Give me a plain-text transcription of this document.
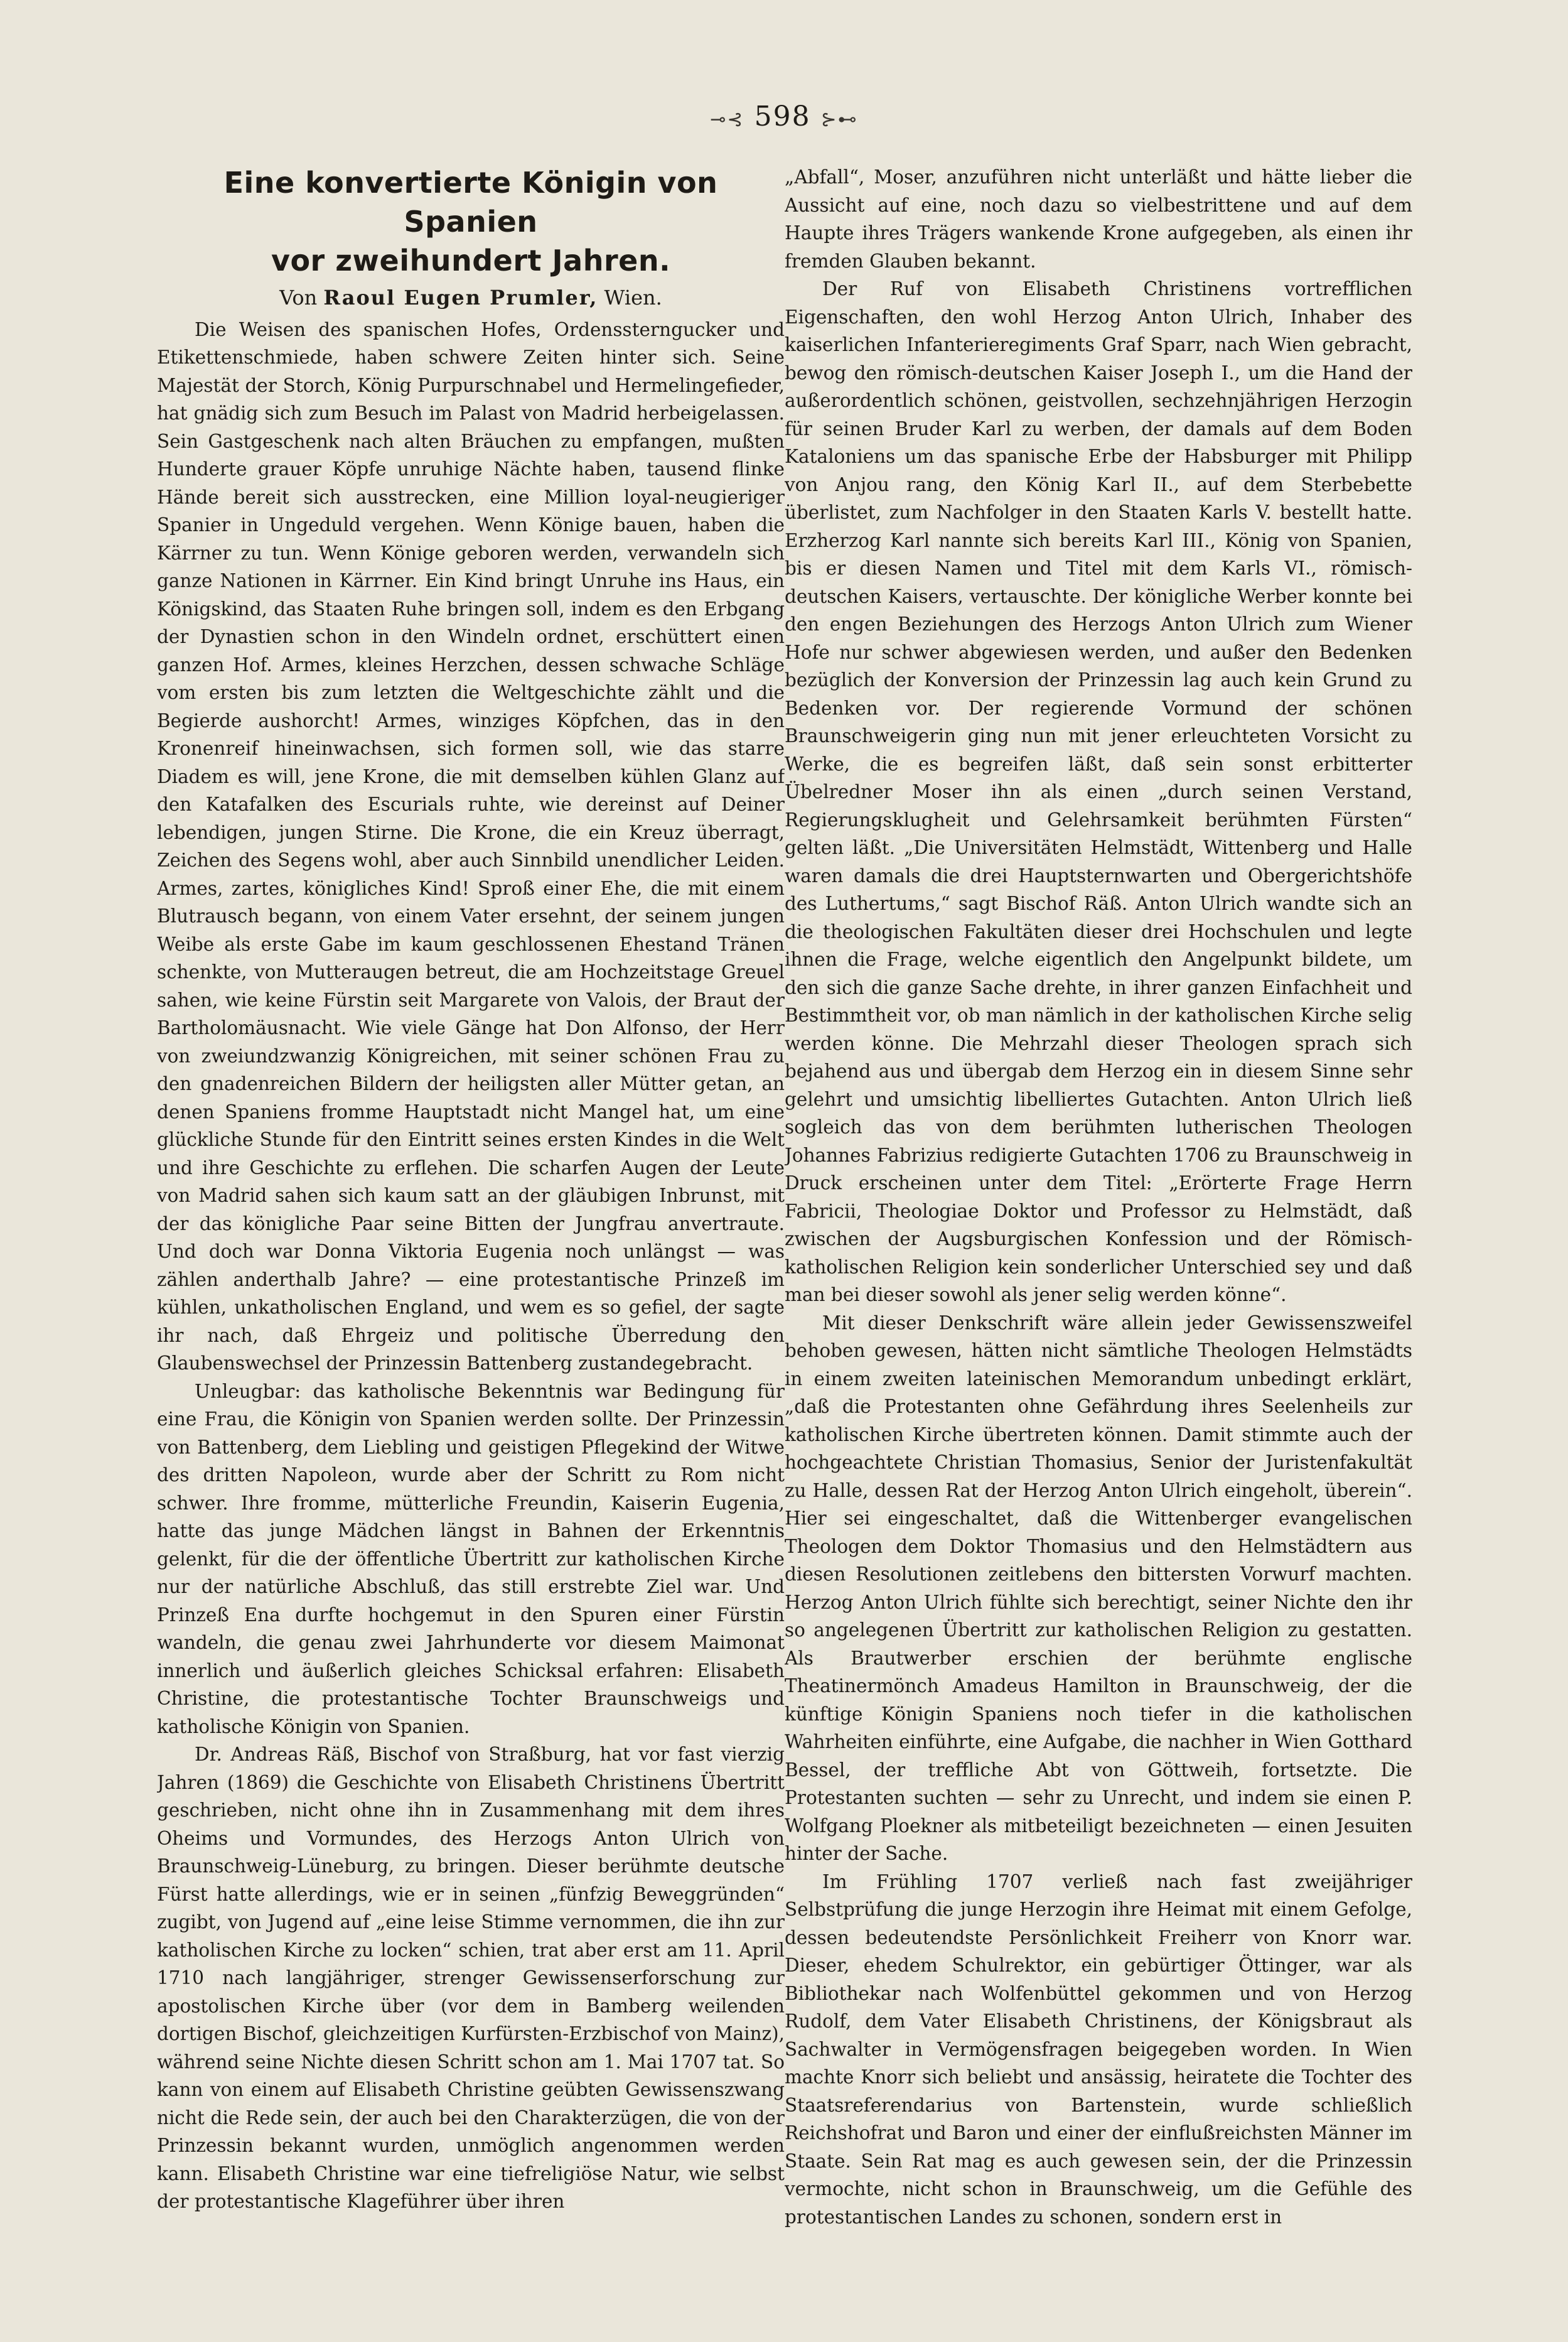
⊸⊰ 598 ⊱⊷
Eine konvertierte Königin von Spanien
vor zweihundert Jahren.
Von Raoul Eugen Prumler, Wien.

Die Weisen des spanischen Hofes, Ordenssterngucker und Etikettenschmiede, haben schwere Zeiten hinter sich. Seine Majestät der Storch, König Purpurschnabel und Hermelingefieder, hat gnädig sich zum Besuch im Palast von Madrid herbeigelassen. Sein Gastgeschenk nach alten Bräuchen zu empfangen, mußten Hunderte grauer Köpfe unruhige Nächte haben, tausend flinke Hände bereit sich ausstrecken, eine Million loyal-neugieriger Spanier in Ungeduld vergehen. Wenn Könige bauen, haben die Kärrner zu tun. Wenn Könige geboren werden, verwandeln sich ganze Nationen in Kärrner. Ein Kind bringt Unruhe ins Haus, ein Königskind, das Staaten Ruhe bringen soll, indem es den Erbgang der Dynastien schon in den Windeln ordnet, erschüttert einen ganzen Hof. Armes, kleines Herzchen, dessen schwache Schläge vom ersten bis zum letzten die Weltgeschichte zählt und die Begierde aushorcht! Armes, winziges Köpfchen, das in den Kronenreif hineinwachsen, sich formen soll, wie das starre Diadem es will, jene Krone, die mit demselben kühlen Glanz auf den Katafalken des Escurials ruhte, wie dereinst auf Deiner lebendigen, jungen Stirne. Die Krone, die ein Kreuz überragt, Zeichen des Segens wohl, aber auch Sinnbild unendlicher Leiden. Armes, zartes, königliches Kind! Sproß einer Ehe, die mit einem Blutrausch begann, von einem Vater ersehnt, der seinem jungen Weibe als erste Gabe im kaum geschlossenen Ehestand Tränen schenkte, von Mutteraugen betreut, die am Hochzeitstage Greuel sahen, wie keine Fürstin seit Margarete von Valois, der Braut der Bartholomäusnacht. Wie viele Gänge hat Don Alfonso, der Herr von zweiundzwanzig Königreichen, mit seiner schönen Frau zu den gnadenreichen Bildern der heiligsten aller Mütter getan, an denen Spaniens fromme Hauptstadt nicht Mangel hat, um eine glückliche Stunde für den Eintritt seines ersten Kindes in die Welt und ihre Geschichte zu erflehen. Die scharfen Augen der Leute von Madrid sahen sich kaum satt an der gläubigen Inbrunst, mit der das königliche Paar seine Bitten der Jungfrau anvertraute. Und doch war Donna Viktoria Eugenia noch unlängst — was zählen anderthalb Jahre? — eine protestantische Prinzeß im kühlen, unkatholischen England, und wem es so gefiel, der sagte ihr nach, daß Ehrgeiz und politische Überredung den Glaubenswechsel der Prinzessin Battenberg zustandegebracht.

Unleugbar: das katholische Bekenntnis war Bedingung für eine Frau, die Königin von Spanien werden sollte. Der Prinzessin von Battenberg, dem Liebling und geistigen Pflegekind der Witwe des dritten Napoleon, wurde aber der Schritt zu Rom nicht schwer. Ihre fromme, mütterliche Freundin, Kaiserin Eugenia, hatte das junge Mädchen längst in Bahnen der Erkenntnis gelenkt, für die der öffentliche Übertritt zur katholischen Kirche nur der natürliche Abschluß, das still erstrebte Ziel war. Und Prinzeß Ena durfte hochgemut in den Spuren einer Fürstin wandeln, die genau zwei Jahrhunderte vor diesem Maimonat innerlich und äußerlich gleiches Schicksal erfahren: Elisabeth Christine, die protestantische Tochter Braunschweigs und katholische Königin von Spanien.

Dr. Andreas Räß, Bischof von Straßburg, hat vor fast vierzig Jahren (1869) die Geschichte von Elisabeth Christinens Übertritt geschrieben, nicht ohne ihn in Zusammenhang mit dem ihres Oheims und Vormundes, des Herzogs Anton Ulrich von Braunschweig-Lüneburg, zu bringen. Dieser berühmte deutsche Fürst hatte allerdings, wie er in seinen „fünfzig Beweggründen“ zugibt, von Jugend auf „eine leise Stimme vernommen, die ihn zur katholischen Kirche zu locken“ schien, trat aber erst am 11. April 1710 nach langjähriger, strenger Gewissenserforschung zur apostolischen Kirche über (vor dem in Bamberg weilenden dortigen Bischof, gleichzeitigen Kurfürsten-Erzbischof von Mainz), während seine Nichte diesen Schritt schon am 1. Mai 1707 tat. So kann von einem auf Elisabeth Christine geübten Gewissenszwang nicht die Rede sein, der auch bei den Charakterzügen, die von der Prinzessin bekannt wurden, unmöglich angenommen werden kann. Elisabeth Christine war eine tiefreligiöse Natur, wie selbst der protestantische Klageführer über ihren

„Abfall“, Moser, anzuführen nicht unterläßt und hätte lieber die Aussicht auf eine, noch dazu so vielbestrittene und auf dem Haupte ihres Trägers wankende Krone aufgegeben, als einen ihr fremden Glauben bekannt.

Der Ruf von Elisabeth Christinens vortrefflichen Eigenschaften, den wohl Herzog Anton Ulrich, Inhaber des kaiserlichen Infanterieregiments Graf Sparr, nach Wien gebracht, bewog den römisch-deutschen Kaiser Joseph I., um die Hand der außerordentlich schönen, geistvollen, sechzehnjährigen Herzogin für seinen Bruder Karl zu werben, der damals auf dem Boden Kataloniens um das spanische Erbe der Habsburger mit Philipp von Anjou rang, den König Karl II., auf dem Sterbebette überlistet, zum Nachfolger in den Staaten Karls V. bestellt hatte. Erzherzog Karl nannte sich bereits Karl III., König von Spanien, bis er diesen Namen und Titel mit dem Karls VI., römisch-deutschen Kaisers, vertauschte. Der königliche Werber konnte bei den engen Beziehungen des Herzogs Anton Ulrich zum Wiener Hofe nur schwer abgewiesen werden, und außer den Bedenken bezüglich der Konversion der Prinzessin lag auch kein Grund zu Bedenken vor. Der regierende Vormund der schönen Braunschweigerin ging nun mit jener erleuchteten Vorsicht zu Werke, die es begreifen läßt, daß sein sonst erbitterter Übelredner Moser ihn als einen „durch seinen Verstand, Regierungsklugheit und Gelehrsamkeit berühmten Fürsten“ gelten läßt. „Die Universitäten Helmstädt, Wittenberg und Halle waren damals die drei Hauptsternwarten und Obergerichtshöfe des Luthertums,“ sagt Bischof Räß. Anton Ulrich wandte sich an die theologischen Fakultäten dieser drei Hochschulen und legte ihnen die Frage, welche eigentlich den Angelpunkt bildete, um den sich die ganze Sache drehte, in ihrer ganzen Einfachheit und Bestimmtheit vor, ob man nämlich in der katholischen Kirche selig werden könne. Die Mehrzahl dieser Theologen sprach sich bejahend aus und übergab dem Herzog ein in diesem Sinne sehr gelehrt und umsichtig libelliertes Gutachten. Anton Ulrich ließ sogleich das von dem berühmten lutherischen Theologen Johannes Fabrizius redigierte Gutachten 1706 zu Braunschweig in Druck erscheinen unter dem Titel: „Erörterte Frage Herrn Fabricii, Theologiae Doktor und Professor zu Helmstädt, daß zwischen der Augsburgischen Konfession und der Römisch-katholischen Religion kein sonderlicher Unterschied sey und daß man bei dieser sowohl als jener selig werden könne“.

Mit dieser Denkschrift wäre allein jeder Gewissenszweifel behoben gewesen, hätten nicht sämtliche Theologen Helmstädts in einem zweiten lateinischen Memorandum unbedingt erklärt, „daß die Protestanten ohne Gefährdung ihres Seelenheils zur katholischen Kirche übertreten können. Damit stimmte auch der hochgeachtete Christian Thomasius, Senior der Juristenfakultät zu Halle, dessen Rat der Herzog Anton Ulrich eingeholt, überein“. Hier sei eingeschaltet, daß die Wittenberger evangelischen Theologen dem Doktor Thomasius und den Helmstädtern aus diesen Resolutionen zeitlebens den bittersten Vorwurf machten. Herzog Anton Ulrich fühlte sich berechtigt, seiner Nichte den ihr so angelegenen Übertritt zur katholischen Religion zu gestatten. Als Brautwerber erschien der berühmte englische Theatinermönch Amadeus Hamilton in Braunschweig, der die künftige Königin Spaniens noch tiefer in die katholischen Wahrheiten einführte, eine Aufgabe, die nachher in Wien Gotthard Bessel, der treffliche Abt von Göttweih, fortsetzte. Die Protestanten suchten — sehr zu Unrecht, und indem sie einen P. Wolfgang Ploekner als mitbeteiligt bezeichneten — einen Jesuiten hinter der Sache.

Im Frühling 1707 verließ nach fast zweijähriger Selbstprüfung die junge Herzogin ihre Heimat mit einem Gefolge, dessen bedeutendste Persönlichkeit Freiherr von Knorr war. Dieser, ehedem Schulrektor, ein gebürtiger Öttinger, war als Bibliothekar nach Wolfenbüttel gekommen und von Herzog Rudolf, dem Vater Elisabeth Christinens, der Königsbraut als Sachwalter in Vermögensfragen beigegeben worden. In Wien machte Knorr sich beliebt und ansässig, heiratete die Tochter des Staatsreferendarius von Bartenstein, wurde schließlich Reichshofrat und Baron und einer der einflußreichsten Männer im Staate. Sein Rat mag es auch gewesen sein, der die Prinzessin vermochte, nicht schon in Braunschweig, um die Gefühle des protestantischen Landes zu schonen, sondern erst in
